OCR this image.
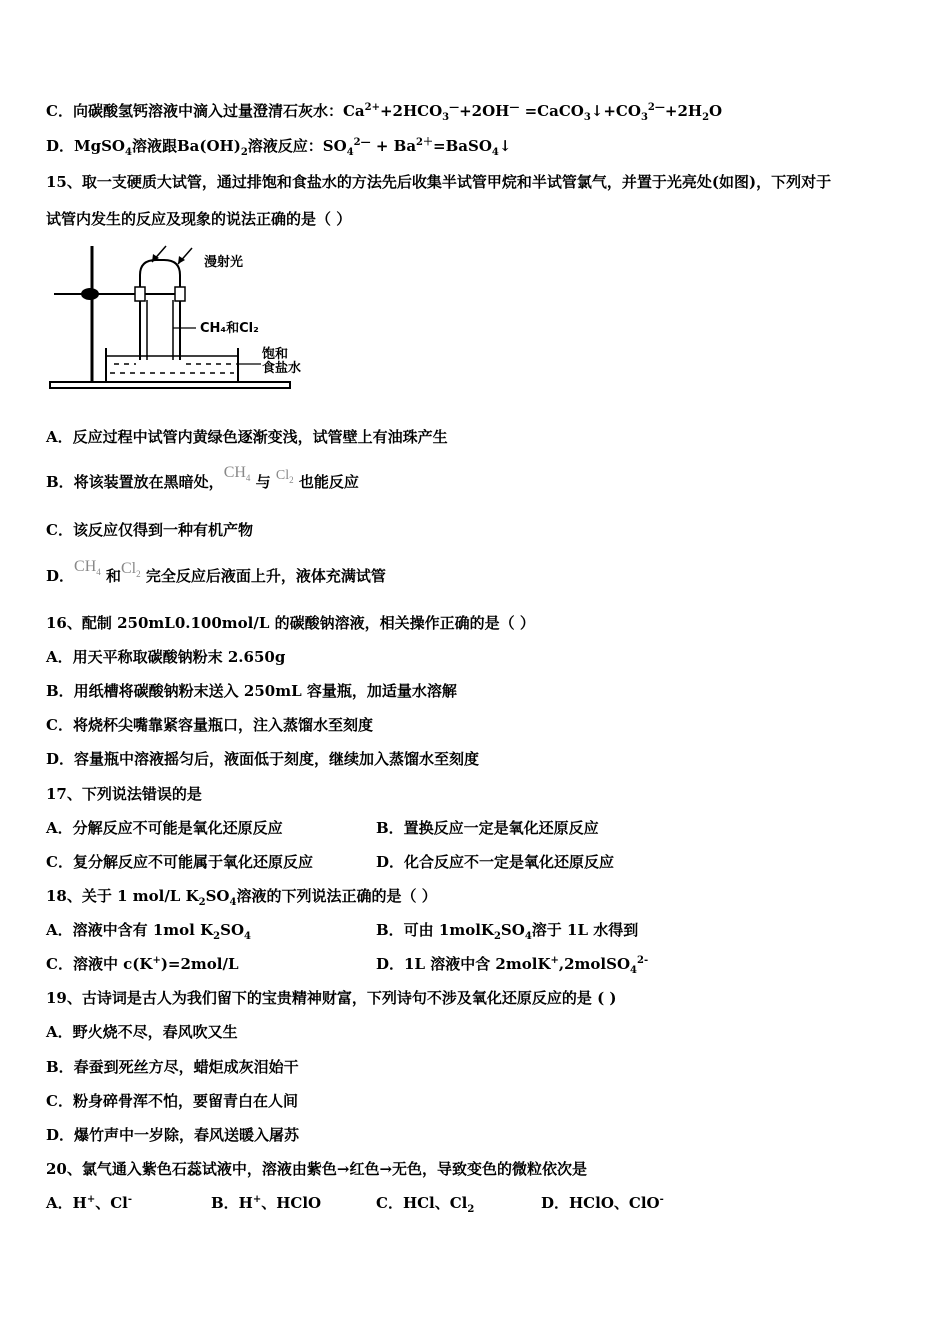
C．向碳酸氢钙溶液中滴入过量澄清石灰水：$Ca^{2+}+2HCO_3^—+2OH^—$ $=CaCO_3↓+CO_3^{2—}+2H_2O$
D．MgSO$_4$溶液跟$Ba(OH)_2$溶液反应：$SO_4^{2—}$ + $Ba^{2+}=BaSO_4↓$
15、取一支硬质大试管，通过排饱和食盐水的方法先后收集半试管甲烷和半试管氯气，并置于光亮处(如图)，下列对于
试管内发生的反应及现象的说法正确的是（ ）
漫射光
CH₄和Cl₂
饱和
食盐水
A．反应过程中试管内黄绿色逐渐变浅，试管壁上有油珠产生
B．将该装置放在黑暗处，$CH_4$ 与 $Cl_2$ 也能反应
C．该反应仅得到一种有机产物
D．$CH_4$ 和$Cl_2$ 完全反应后液面上升，液体充满试管
16、配制 250mL0.100mol/L 的碳酸钠溶液，相关操作正确的是（ ）
A．用天平称取碳酸钠粉末 2.650g
B．用纸槽将碳酸钠粉末送入 250mL 容量瓶，加适量水溶解
C．将烧杯尖嘴靠紧容量瓶口，注入蒸馏水至刻度
D．容量瓶中溶液摇匀后，液面低于刻度，继续加入蒸馏水至刻度
17、下列说法错误的是
A．分解反应不可能是氧化还原反应	B．置换反应一定是氧化还原反应
C．复分解反应不可能属于氧化还原反应	D．化合反应不一定是氧化还原反应
18、关于 1 mol/L $K_2SO_4$溶液的下列说法正确的是（ ）
A．溶液中含有 1mol $K_2SO_4$	B．可由 $1molK_2SO_4$溶于 1L 水得到
C．溶液中 c(K+)=2mol/L	D．1L 溶液中含 2molK+,2molSO$_4^{2-}$
19、古诗词是古人为我们留下的宝贵精神财富，下列诗句不涉及氧化还原反应的是 ( )
A．野火烧不尽，春风吹又生
B．春蚕到死丝方尽，蜡炬成灰泪始干
C．粉身碎骨浑不怕，要留青白在人间
D．爆竹声中一岁除，春风送暖入屠苏
20、氯气通入紫色石蕊试液中，溶液由紫色→红色→无色，导致变色的微粒依次是
A．H+、Cl-	B．H+、HClO	C．HCl、$Cl_2$	D．HClO、ClO-
